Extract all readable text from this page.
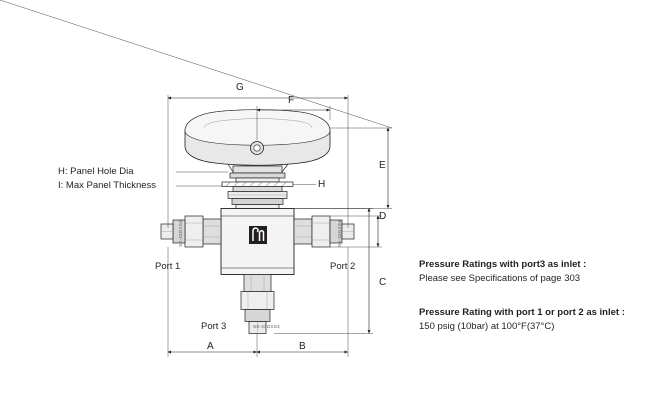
G
F
E
D
C
A	B
H
H: Panel Hole Dia
I: Max Panel Thickness
Port 1	Port 2
Port 3
SS-43GXS4	SS-43GXS4
SS-43GXS4
Pressure Ratings with port3 as inlet :
Please see Specifications of page 303
Pressure Rating with port 1 or port 2 as inlet :
150 psig (10bar) at 100°F(37°C)
